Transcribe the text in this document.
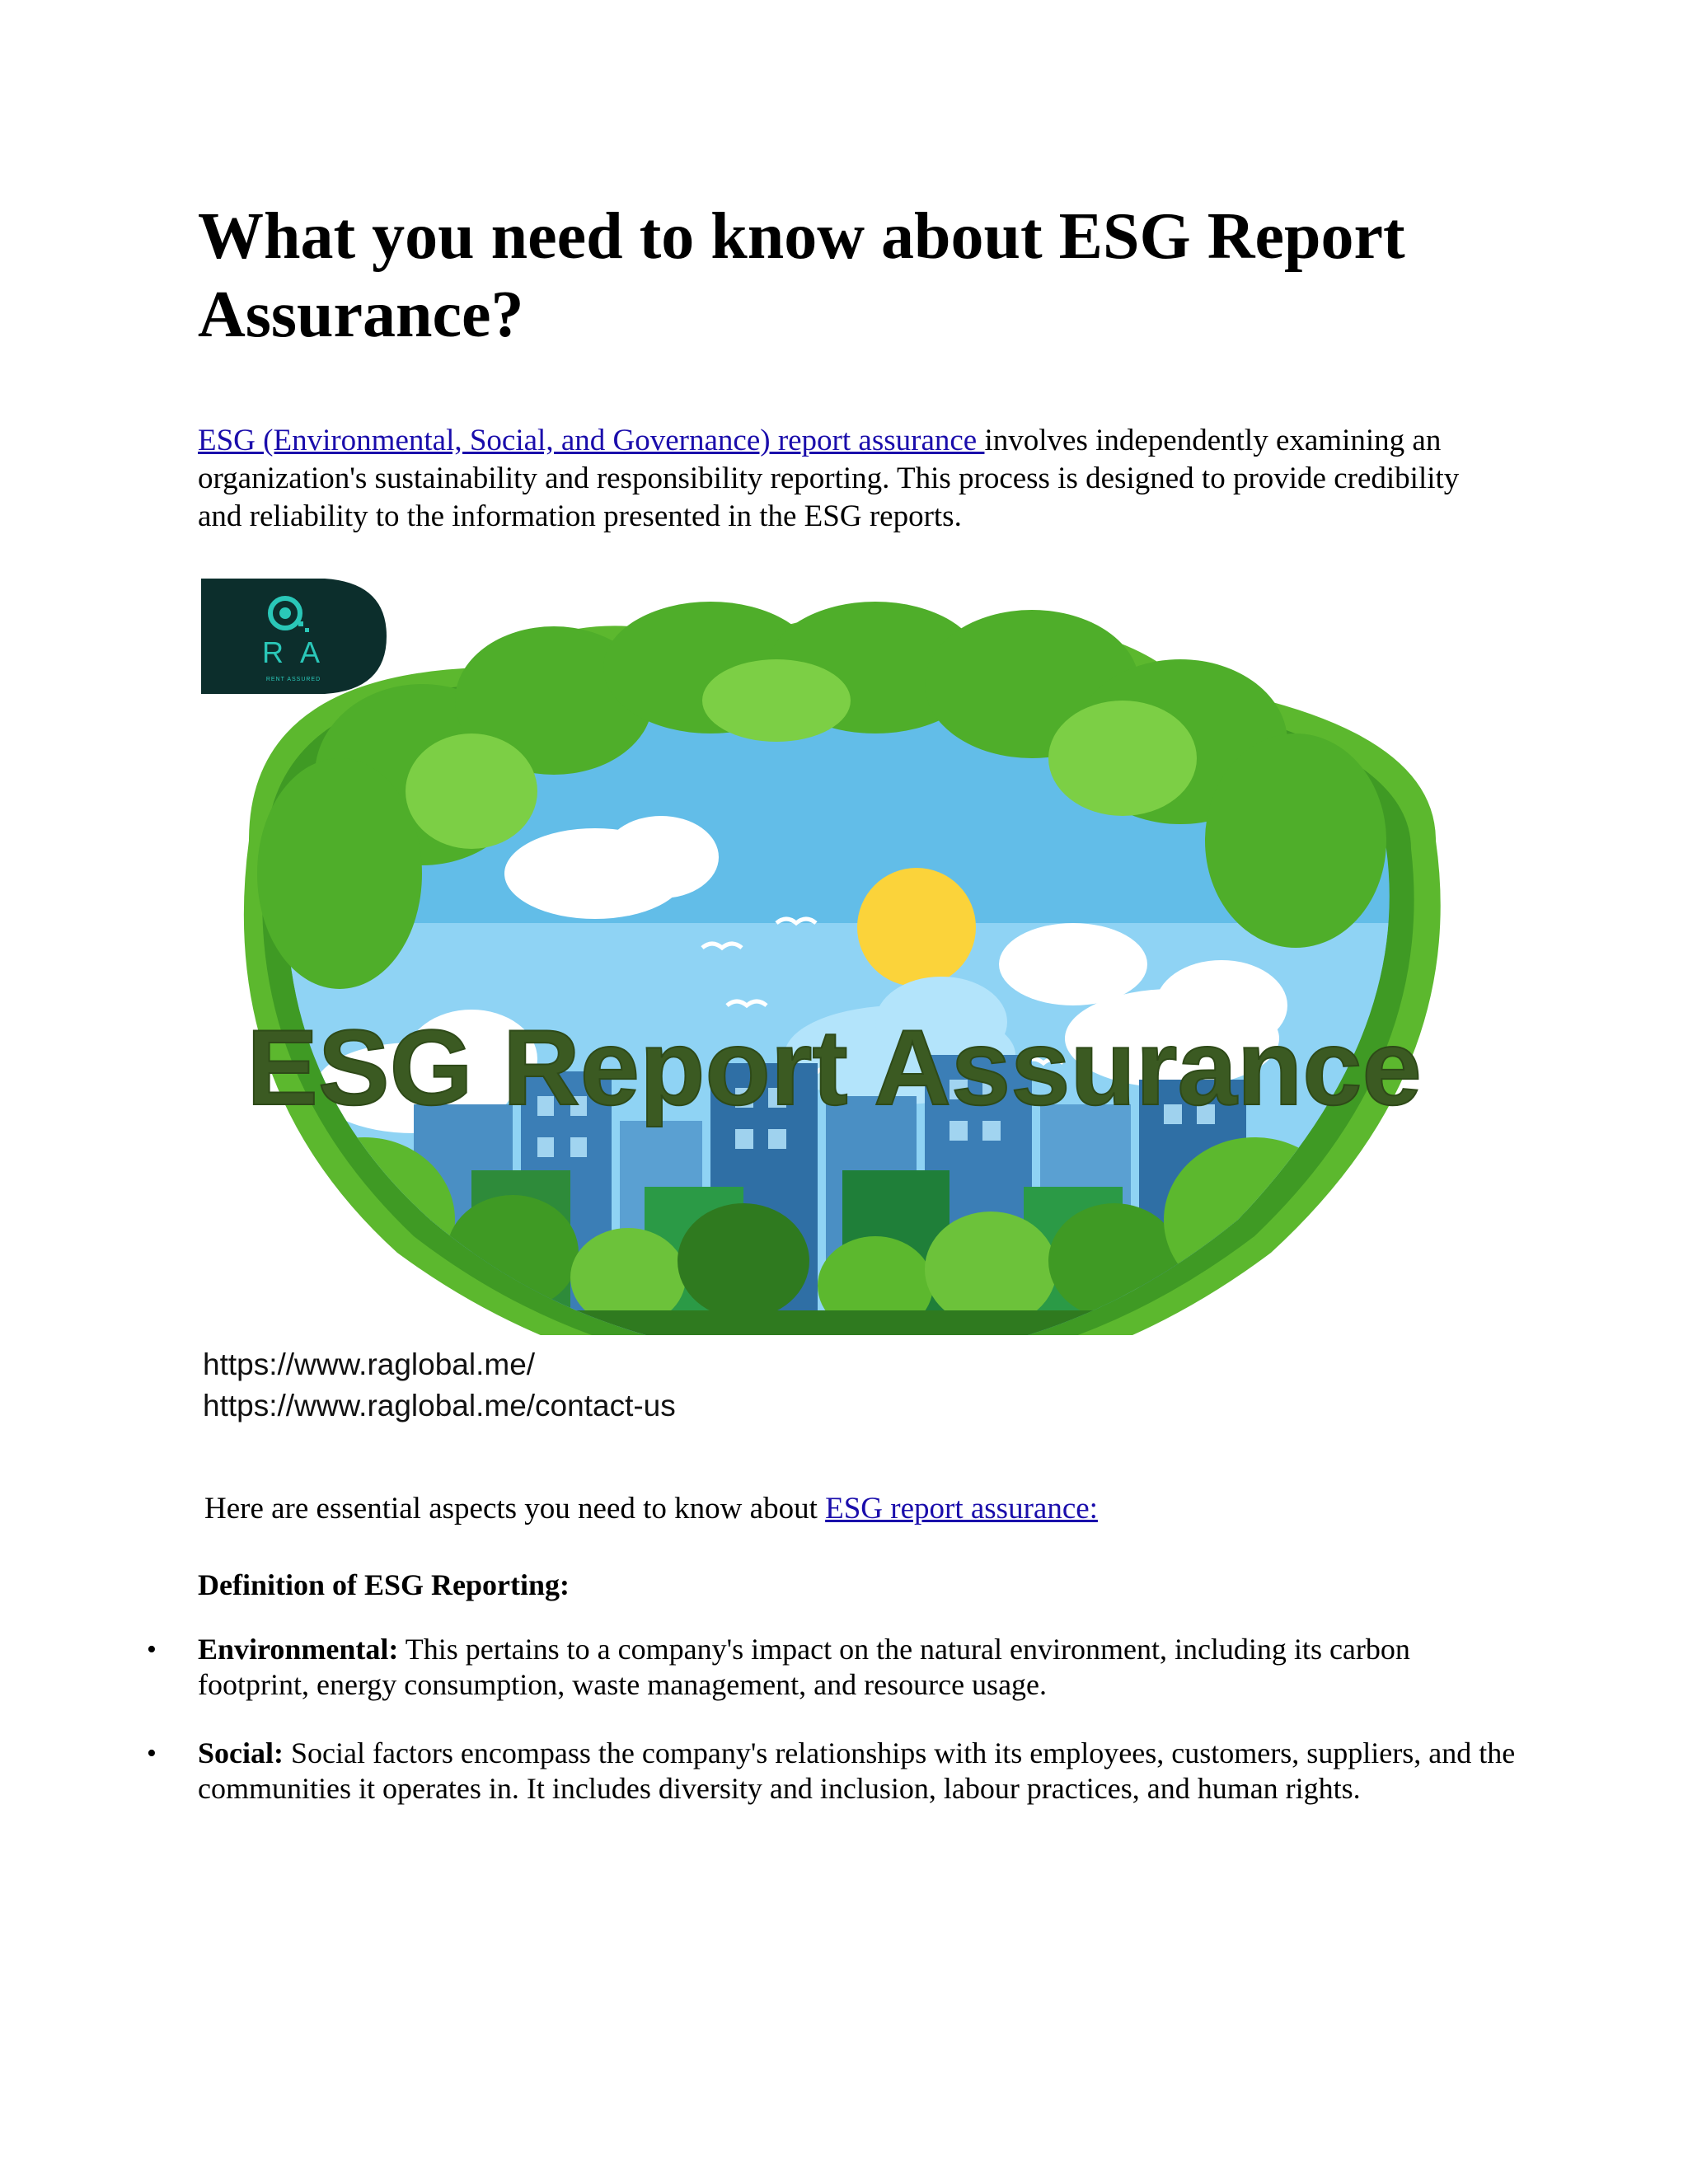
What you need to know about ESG Report Assurance?

ESG (Environmental, Social, and Governance) report assurance involves independently examining an organization's sustainability and responsibility reporting. This process is designed to provide credibility and reliability to the information presented in the ESG reports.

ESG Report Assurance
R A
RENT ASSURED
https://www.raglobal.me/
https://www.raglobal.me/contact-us

Here are essential aspects you need to know about ESG report assurance:

Definition of ESG Reporting:

• Environmental: This pertains to a company's impact on the natural environment, including its carbon footprint, energy consumption, waste management, and resource usage.
• Social: Social factors encompass the company's relationships with its employees, customers, suppliers, and the communities it operates in. It includes diversity and inclusion, labour practices, and human rights.
